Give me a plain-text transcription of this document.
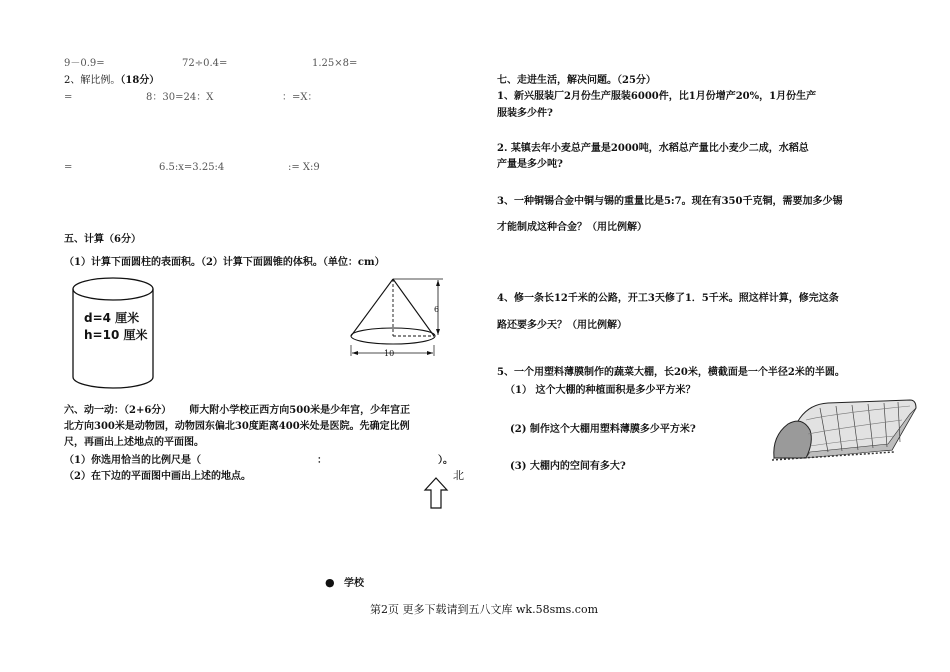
9－0.9=	72÷0.4=	1.25×8=
2、解比例。（18分）
=	8：30=24：X	：=X：
=	6.5:x=3.25:4	:= X:9
五、计算（6分）
（1）计算下面圆柱的表面积。（2）计算下面圆锥的体积。（单位：cm）
d=4 厘米
h=10 厘米
6
10
六、动一动：（2+6分） 师大附小学校正西方向500米是少年宫，少年宫正
北方向300米是动物园，动物园东偏北30度距离400米处是医院。先确定比例
尺，再画出上述地点的平面图。
（1）你选用恰当的比例尺是（	：	）。
（2）在下边的平面图中画出上述的地点。	北
● 学校
七、走进生活，解决问题。（25分）
1、新兴服装厂2月份生产服装6000件，比1月份增产20%，1月份生产
服装多少件?
2. 某镇去年小麦总产量是2000吨，水稻总产量比小麦少二成，水稻总
产量是多少吨?
3、一种铜锡合金中铜与锡的重量比是5:7。现在有350千克铜，需要加多少锡
才能制成这种合金？（用比例解）
4、修一条长12千米的公路，开工3天修了1．5千米。照这样计算，修完这条
路还要多少天？（用比例解）
5、一个用塑料薄膜制作的蔬菜大棚，长20米，横截面是一个半径2米的半圆。
（1） 这个大棚的种植面积是多少平方米？
(2) 制作这个大棚用塑料薄膜多少平方米?
(3) 大棚内的空间有多大?
第2页 更多下载请到五八文库 wk.58sms.com
